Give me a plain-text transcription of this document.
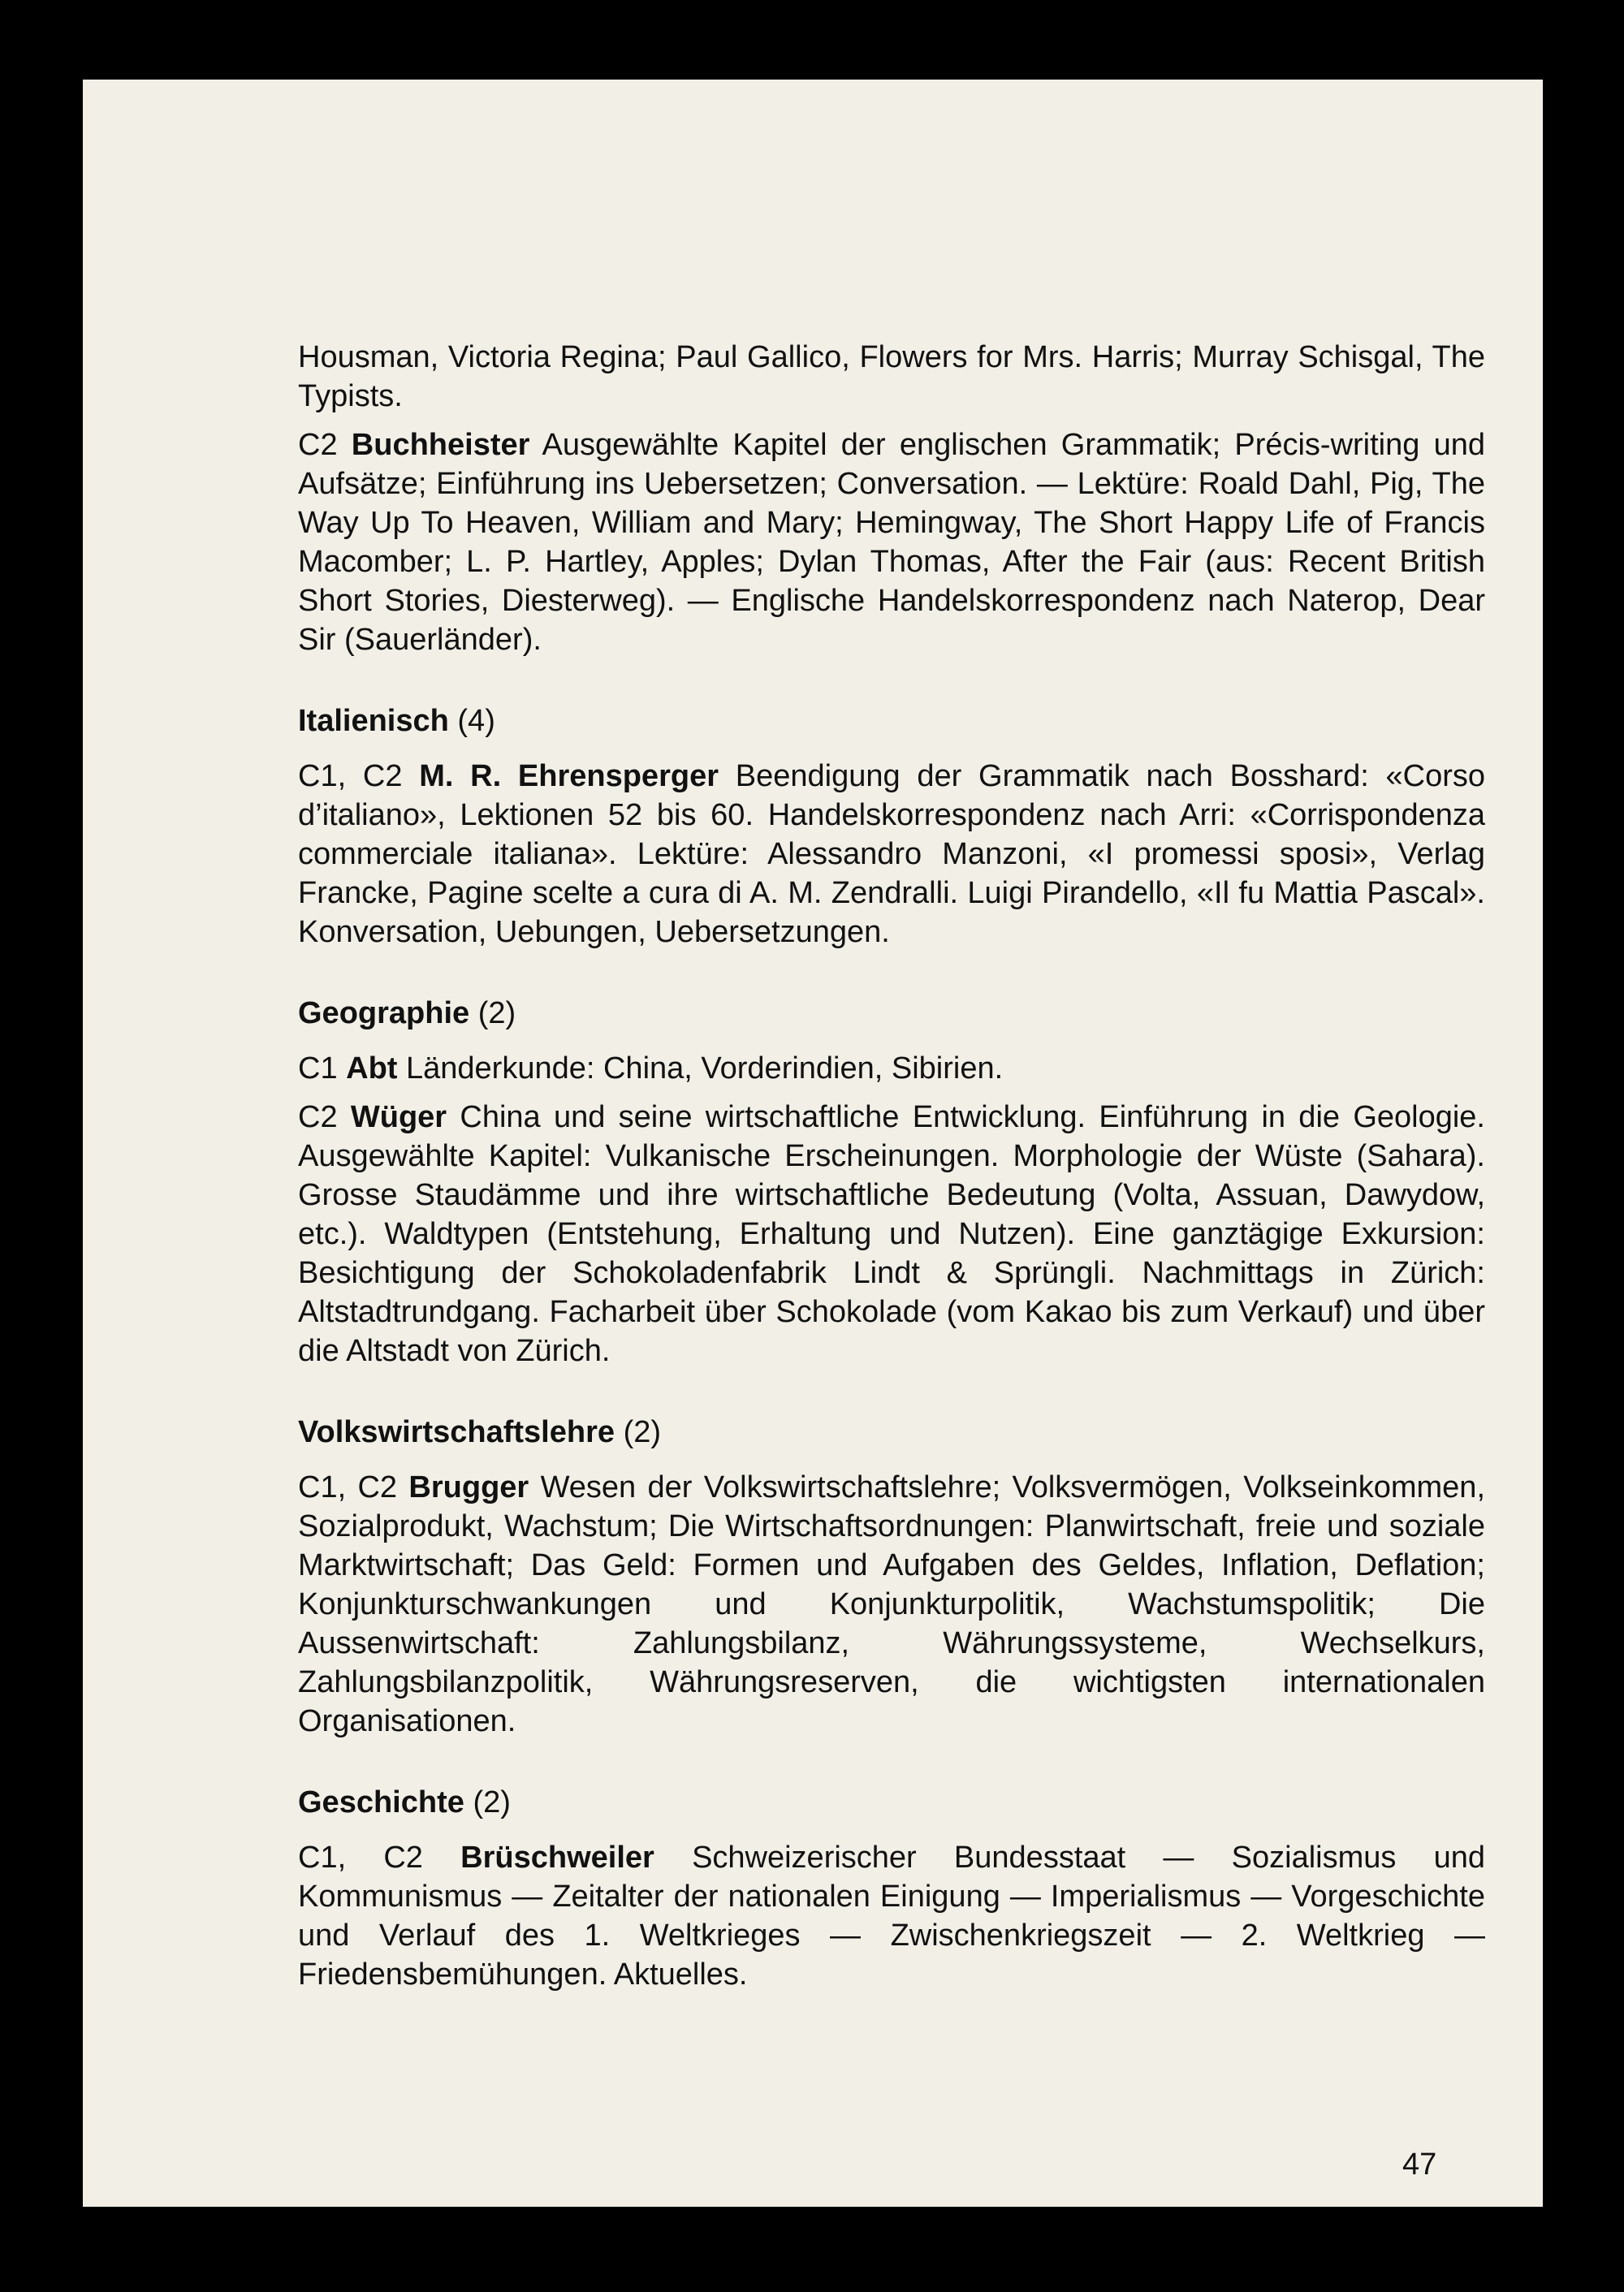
Housman, Victoria Regina; Paul Gallico, Flowers for Mrs. Harris; Murray Schisgal, The Typists.

C2 Buchheister Ausgewählte Kapitel der englischen Grammatik; Précis-writing und Aufsätze; Einführung ins Uebersetzen; Conversation. — Lektüre: Roald Dahl, Pig, The Way Up To Heaven, William and Mary; Hemingway, The Short Happy Life of Francis Macomber; L. P. Hartley, Apples; Dylan Thomas, After the Fair (aus: Recent British Short Stories, Diesterweg). — Englische Handelskorrespondenz nach Naterop, Dear Sir (Sauerländer).

Italienisch (4)

C1, C2 M. R. Ehrensperger Beendigung der Grammatik nach Bosshard: «Corso d’italiano», Lektionen 52 bis 60. Handelskorrespondenz nach Arri: «Corrispondenza commerciale italiana». Lektüre: Alessandro Manzoni, «I promessi sposi», Verlag Francke, Pagine scelte a cura di A. M. Zendralli. Luigi Pirandello, «Il fu Mattia Pascal». Konversation, Uebungen, Uebersetzungen.

Geographie (2)

C1 Abt Länderkunde: China, Vorderindien, Sibirien.

C2 Wüger China und seine wirtschaftliche Entwicklung. Einführung in die Geologie. Ausgewählte Kapitel: Vulkanische Erscheinungen. Morphologie der Wüste (Sahara). Grosse Staudämme und ihre wirtschaftliche Bedeutung (Volta, Assuan, Dawydow, etc.). Waldtypen (Entstehung, Erhaltung und Nutzen). Eine ganztägige Exkursion: Besichtigung der Schokoladenfabrik Lindt & Sprüngli. Nachmittags in Zürich: Altstadtrundgang. Facharbeit über Schokolade (vom Kakao bis zum Verkauf) und über die Altstadt von Zürich.

Volkswirtschaftslehre (2)

C1, C2 Brugger Wesen der Volkswirtschaftslehre; Volksvermögen, Volkseinkommen, Sozialprodukt, Wachstum; Die Wirtschaftsordnungen: Planwirtschaft, freie und soziale Marktwirtschaft; Das Geld: Formen und Aufgaben des Geldes, Inflation, Deflation; Konjunkturschwankungen und Konjunkturpolitik, Wachstumspolitik; Die Aussenwirtschaft: Zahlungsbilanz, Währungssysteme, Wechselkurs, Zahlungsbilanzpolitik, Währungsreserven, die wichtigsten internationalen Organisationen.

Geschichte (2)

C1, C2 Brüschweiler Schweizerischer Bundesstaat — Sozialismus und Kommunismus — Zeitalter der nationalen Einigung — Imperialismus — Vorgeschichte und Verlauf des 1. Weltkrieges — Zwischenkriegszeit — 2. Weltkrieg — Friedensbemühungen. Aktuelles.

47
